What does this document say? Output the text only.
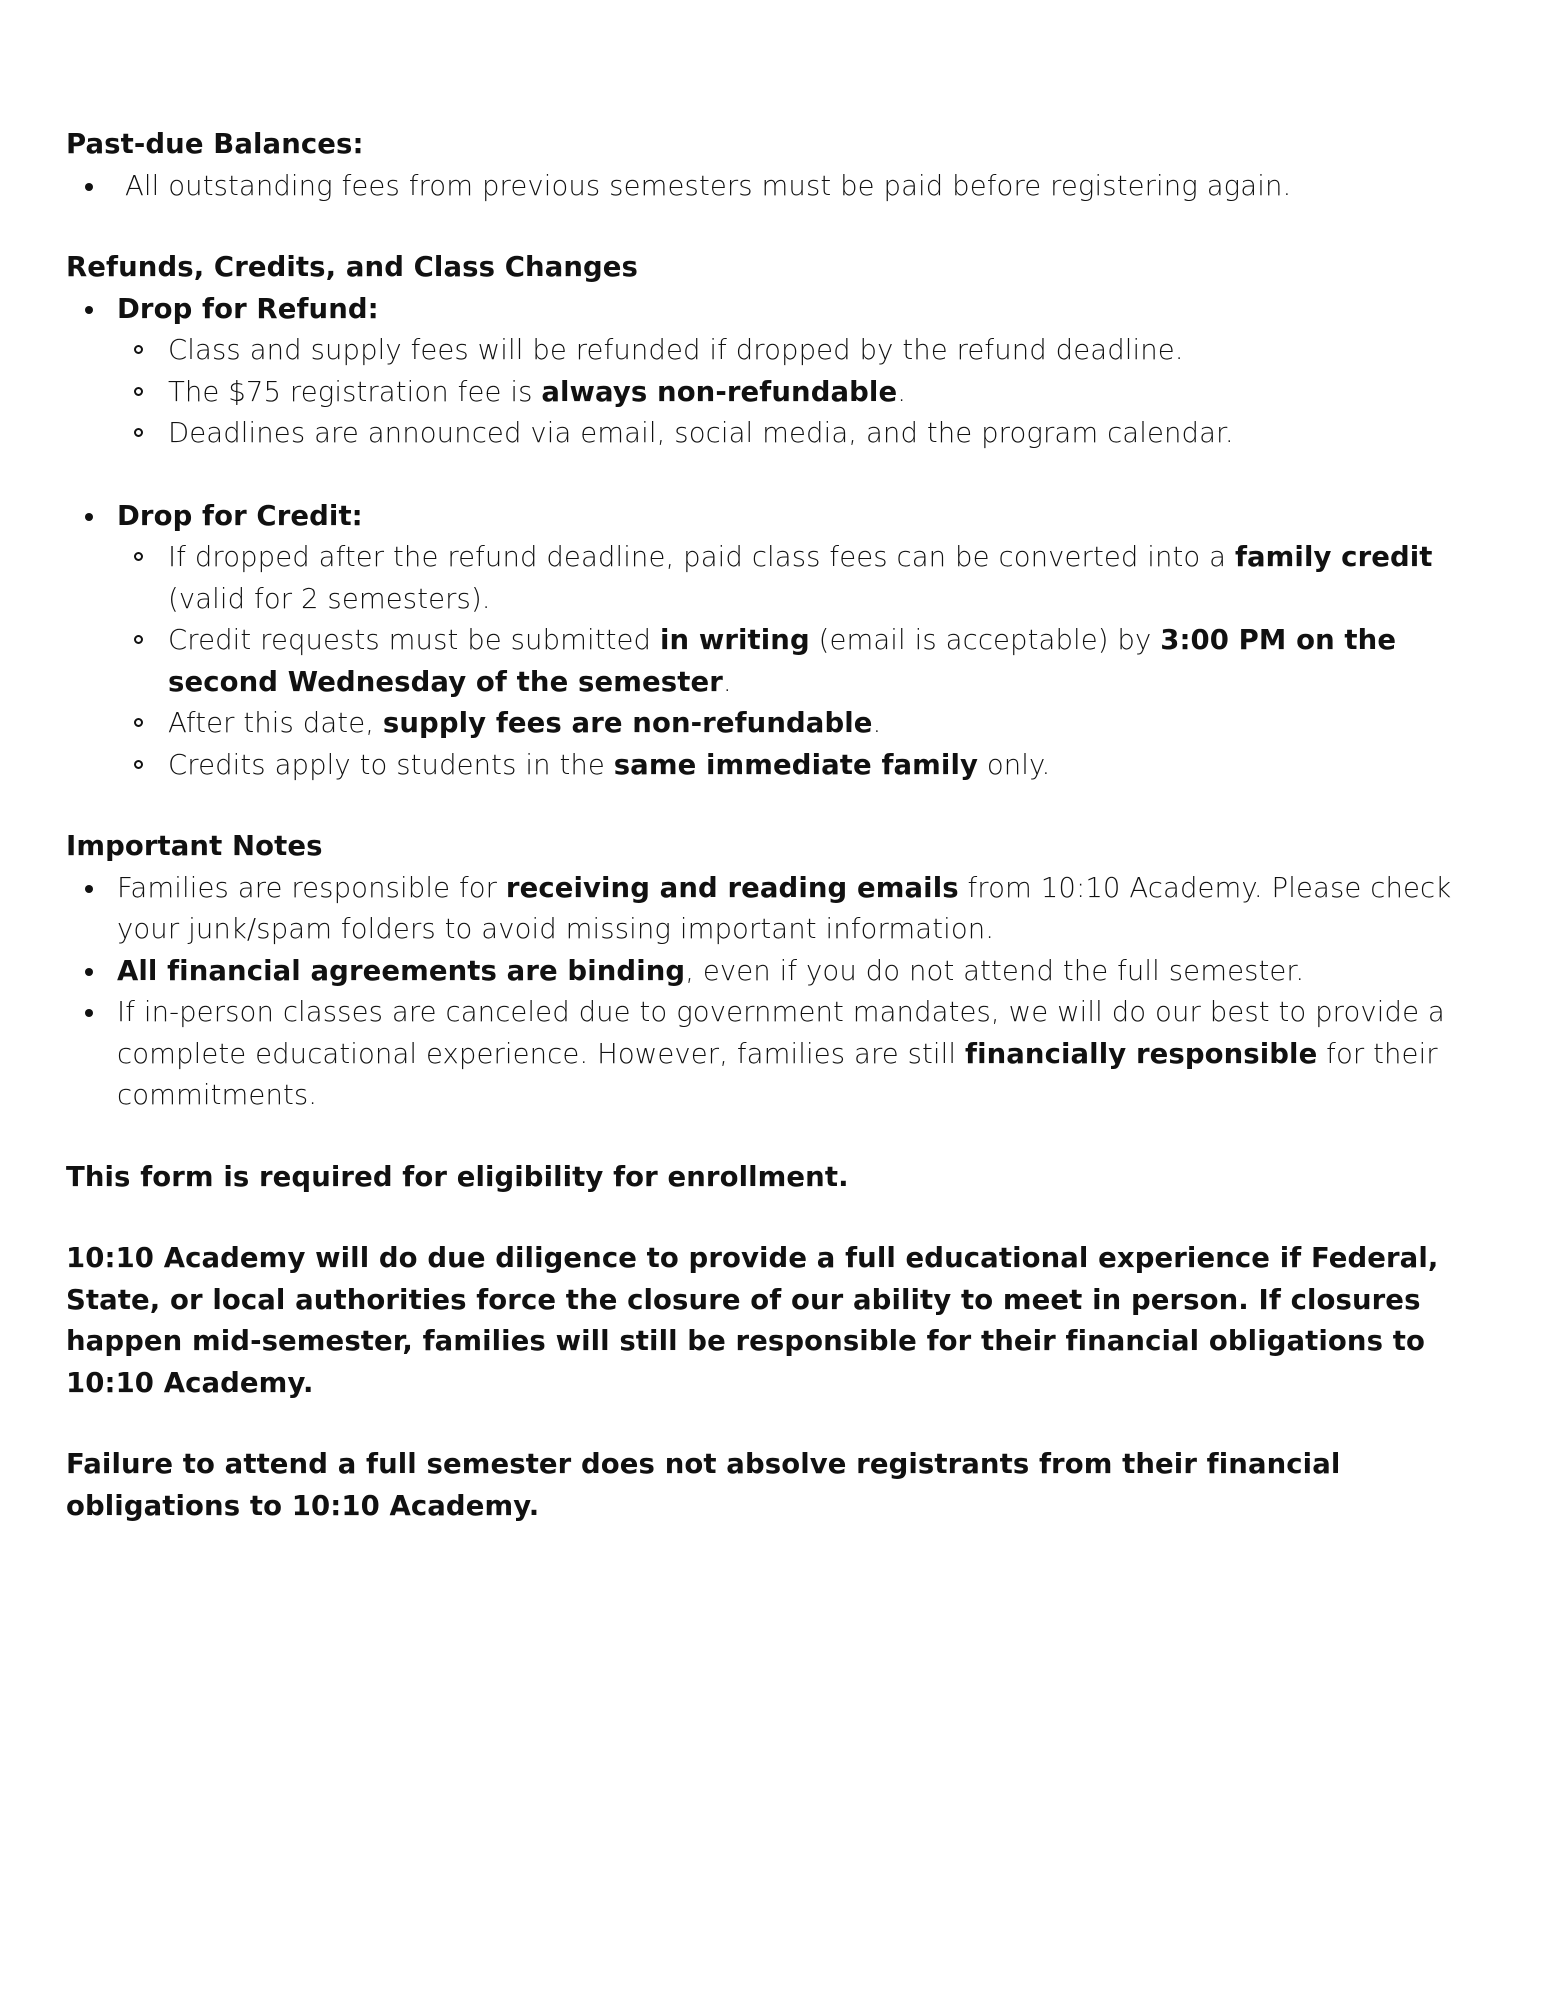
Past-due Balances:

All outstanding fees from previous semesters must be paid before registering again.

Refunds, Credits, and Class Changes

Drop for Refund:
Class and supply fees will be refunded if dropped by the refund deadline.
The $75 registration fee is always non-refundable.
Deadlines are announced via email, social media, and the program calendar.
Drop for Credit:
If dropped after the refund deadline, paid class fees can be converted into a family credit (valid for 2 semesters).
Credit requests must be submitted in writing (email is acceptable) by 3:00 PM on the second Wednesday of the semester.
After this date, supply fees are non-refundable.
Credits apply to students in the same immediate family only.

Important Notes

Families are responsible for receiving and reading emails from 10:10 Academy. Please check your junk/spam folders to avoid missing important information.
All financial agreements are binding, even if you do not attend the full semester.
If in-person classes are canceled due to government mandates, we will do our best to provide a complete educational experience. However, families are still financially responsible for their commitments.

This form is required for eligibility for enrollment.

10:10 Academy will do due diligence to provide a full educational experience if Federal, State, or local authorities force the closure of our ability to meet in person. If closures happen mid-semester, families will still be responsible for their financial obligations to 10:10 Academy.

Failure to attend a full semester does not absolve registrants from their financial obligations to 10:10 Academy.
